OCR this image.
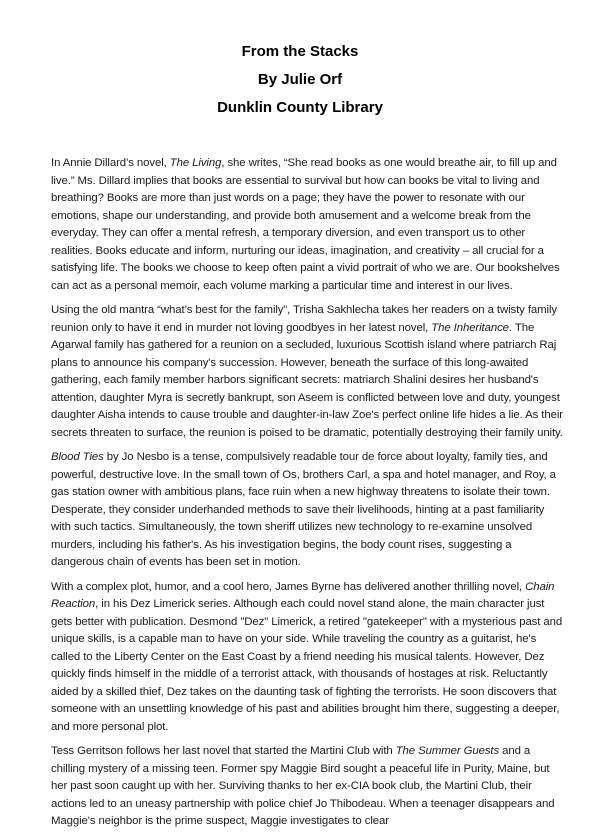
From the Stacks
By Julie Orf
Dunklin County Library

In Annie Dillard’s novel, The Living, she writes, “She read books as one would breathe air, to fill up and live.” Ms. Dillard implies that books are essential to survival but how can books be vital to living and breathing? Books are more than just words on a page; they have the power to resonate with our emotions, shape our understanding, and provide both amusement and a welcome break from the everyday. They can offer a mental refresh, a temporary diversion, and even transport us to other realities. Books educate and inform, nurturing our ideas, imagination, and creativity – all crucial for a satisfying life. The books we choose to keep often paint a vivid portrait of who we are. Our bookshelves can act as a personal memoir, each volume marking a particular time and interest in our lives.

Using the old mantra “what’s best for the family”, Trisha Sakhlecha takes her readers on a twisty family reunion only to have it end in murder not loving goodbyes in her latest novel, The Inheritance. The Agarwal family has gathered for a reunion on a secluded, luxurious Scottish island where patriarch Raj plans to announce his company's succession. However, beneath the surface of this long-awaited gathering, each family member harbors significant secrets: matriarch Shalini desires her husband's attention, daughter Myra is secretly bankrupt, son Aseem is conflicted between love and duty, youngest daughter Aisha intends to cause trouble and daughter-in-law Zoe's perfect online life hides a lie. As their secrets threaten to surface, the reunion is poised to be dramatic, potentially destroying their family unity.

Blood Ties by Jo Nesbo is a tense, compulsively readable tour de force about loyalty, family ties, and powerful, destructive love. In the small town of Os, brothers Carl, a spa and hotel manager, and Roy, a gas station owner with ambitious plans, face ruin when a new highway threatens to isolate their town. Desperate, they consider underhanded methods to save their livelihoods, hinting at a past familiarity with such tactics. Simultaneously, the town sheriff utilizes new technology to re-examine unsolved murders, including his father's. As his investigation begins, the body count rises, suggesting a dangerous chain of events has been set in motion.

With a complex plot, humor, and a cool hero, James Byrne has delivered another thrilling novel, Chain Reaction, in his Dez Limerick series. Although each could novel stand alone, the main character just gets better with publication. Desmond "Dez" Limerick, a retired "gatekeeper" with a mysterious past and unique skills, is a capable man to have on your side. While traveling the country as a guitarist, he's called to the Liberty Center on the East Coast by a friend needing his musical talents. However, Dez quickly finds himself in the middle of a terrorist attack, with thousands of hostages at risk. Reluctantly aided by a skilled thief, Dez takes on the daunting task of fighting the terrorists. He soon discovers that someone with an unsettling knowledge of his past and abilities brought him there, suggesting a deeper, and more personal plot.

Tess Gerritson follows her last novel that started the Martini Club with The Summer Guests and a chilling mystery of a missing teen. Former spy Maggie Bird sought a peaceful life in Purity, Maine, but her past soon caught up with her. Surviving thanks to her ex-CIA book club, the Martini Club, their actions led to an uneasy partnership with police chief Jo Thibodeau. When a teenager disappears and Maggie's neighbor is the prime suspect, Maggie investigates to clear
